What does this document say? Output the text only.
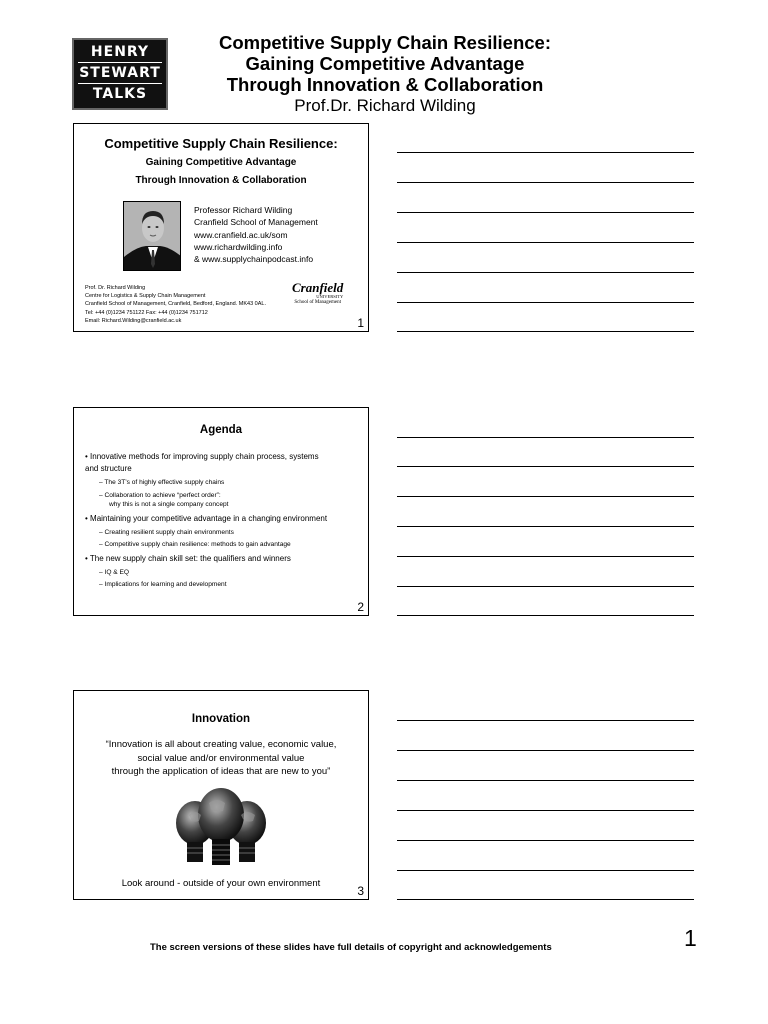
HENRY
STEWART
TALKS
Competitive Supply Chain Resilience:
Gaining Competitive Advantage
Through Innovation & Collaboration
Prof.Dr. Richard Wilding
Competitive Supply Chain Resilience:
Gaining Competitive Advantage
Through Innovation & Collaboration
Professor Richard Wilding
Cranfield School of Management
www.cranfield.ac.uk/som
www.richardwilding.info
& www.supplychainpodcast.info
Prof. Dr. Richard Wilding
Centre for Logistics & Supply Chain Management
Cranfield School of Management, Cranfield, Bedford, England. MK43 0AL.
Tel: +44 (0)1234 751122 Fax: +44 (0)1234 751712
Email: Richard.Wilding@cranfield.ac.uk
Cranfield
UNIVERSITY
School of Management
1
Agenda
• Innovative methods for improving supply chain process, systems and structure
– The 3T’s of highly effective supply chains
– Collaboration to achieve “perfect order”:
why this is not a single company concept
• Maintaining your competitive advantage in a changing environment
– Creating resilient supply chain environments
– Competitive supply chain resilience: methods to gain advantage
• The new supply chain skill set: the qualifiers and winners
– IQ & EQ
– Implications for learning and development
2
Innovation
“Innovation is all about creating value, economic value,
social value and/or environmental value
through the application of ideas that are new to you”
Look around - outside of your own environment
3
The screen versions of these slides have full details of copyright and acknowledgements	1
